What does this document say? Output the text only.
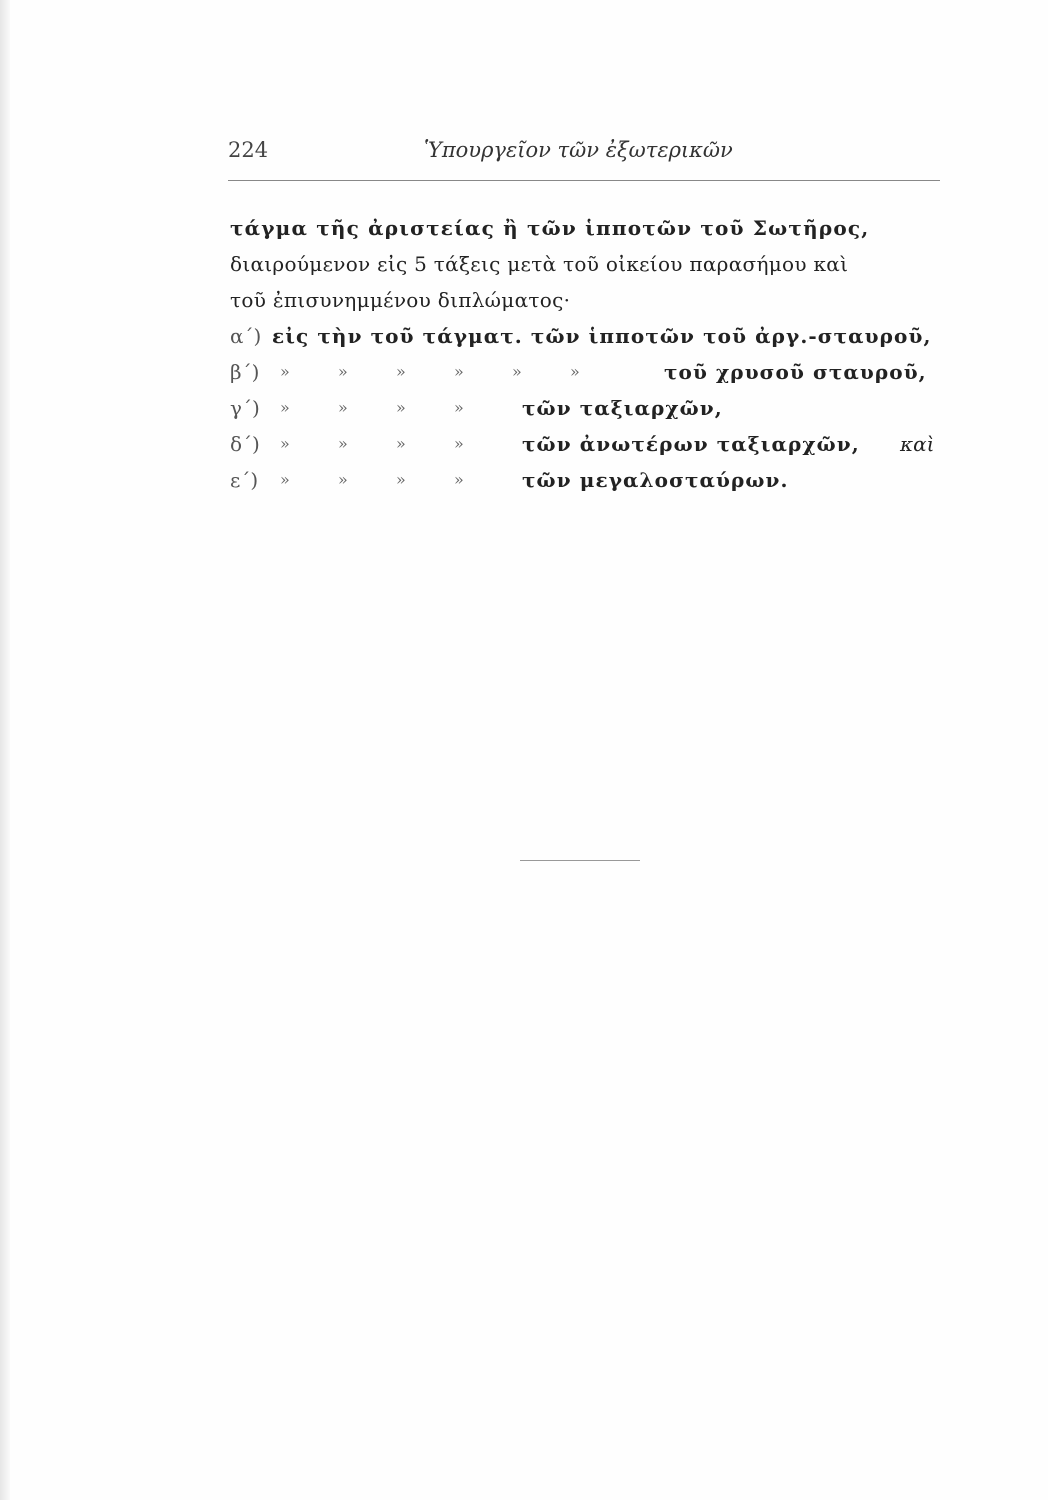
224	Ὑπουργεῖον τῶν ἐξωτερικῶν
τάγμα τῆς ἀριστείας ἢ τῶν ἱπποτῶν τοῦ Σωτῆρος,
διαιρούμενον εἰς 5 τάξεις μετὰ τοῦ οἰκείου παρασήμου καὶ
τοῦ ἐπισυνημμένου διπλώματος·
α΄) εἰς τὴν τοῦ τάγματ. τῶν ἱπποτῶν τοῦ ἀργ.-σταυροῦ,
β΄)	»	»	»	»	»	»	τοῦ χρυσοῦ σταυροῦ,
γ΄)	»	»	»	»	τῶν ταξιαρχῶν,
δ΄)	»	»	»	»	τῶν ἀνωτέρων ταξιαρχῶν, καὶ
ε΄)	»	»	»	»	τῶν μεγαλοσταύρων.
